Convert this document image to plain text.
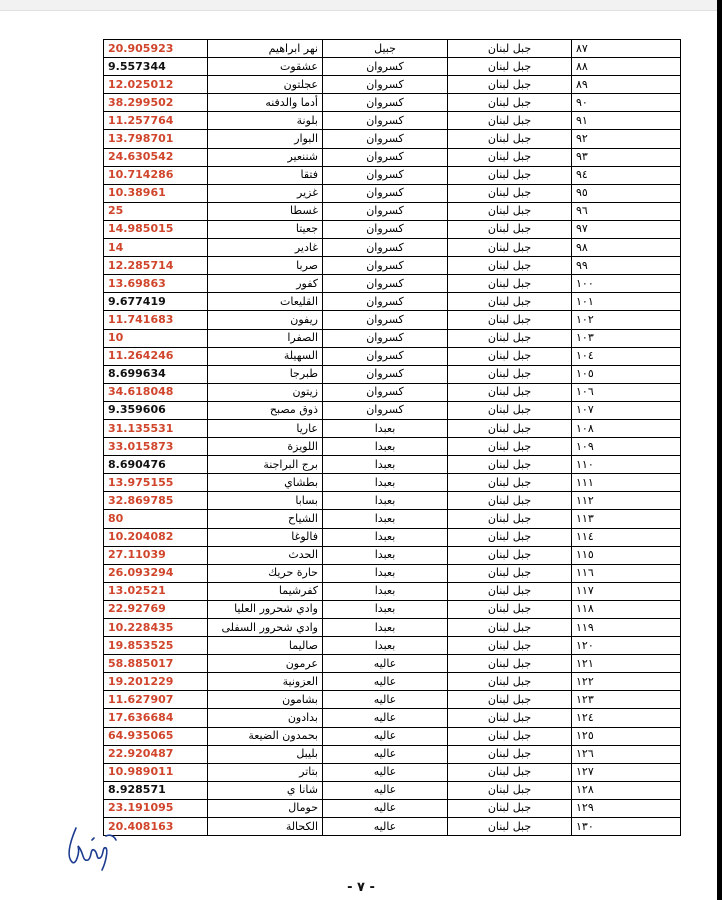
20.905923	نهر ابراهيم	جبيل	جبل لبنان	٨٧
9.557344	عشقوت	كسروان	جبل لبنان	٨٨
12.025012	عجلتون	كسروان	جبل لبنان	٨٩
38.299502	أدما والدفنه	كسروان	جبل لبنان	٩٠
11.257764	بلونة	كسروان	جبل لبنان	٩١
13.798701	البوار	كسروان	جبل لبنان	٩٢
24.630542	شننعير	كسروان	جبل لبنان	٩٣
10.714286	فتقا	كسروان	جبل لبنان	٩٤
10.38961	غزير	كسروان	جبل لبنان	٩٥
25	غسطا	كسروان	جبل لبنان	٩٦
14.985015	جعيتا	كسروان	جبل لبنان	٩٧
14	غادير	كسروان	جبل لبنان	٩٨
12.285714	صربا	كسروان	جبل لبنان	٩٩
13.69863	كفور	كسروان	جبل لبنان	١٠٠
9.677419	القليعات	كسروان	جبل لبنان	١٠١
11.741683	ريفون	كسروان	جبل لبنان	١٠٢
10	الصفرا	كسروان	جبل لبنان	١٠٣
11.264246	السهيلة	كسروان	جبل لبنان	١٠٤
8.699634	طبرجا	كسروان	جبل لبنان	١٠٥
34.618048	زيتون	كسروان	جبل لبنان	١٠٦
9.359606	ذوق مصبح	كسروان	جبل لبنان	١٠٧
31.135531	عاريا	بعبدا	جبل لبنان	١٠٨
33.015873	اللويزة	بعبدا	جبل لبنان	١٠٩
8.690476	برج البراجنة	بعبدا	جبل لبنان	١١٠
13.975155	بطشاي	بعبدا	جبل لبنان	١١١
32.869785	بسابا	بعبدا	جبل لبنان	١١٢
80	الشياح	بعبدا	جبل لبنان	١١٣
10.204082	فالوغا	بعبدا	جبل لبنان	١١٤
27.11039	الحدث	بعبدا	جبل لبنان	١١٥
26.093294	حارة حريك	بعبدا	جبل لبنان	١١٦
13.02521	كفرشيما	بعبدا	جبل لبنان	١١٧
22.92769	وادي شحرور العليا	بعبدا	جبل لبنان	١١٨
10.228435	وادي شحرور السفلى	بعبدا	جبل لبنان	١١٩
19.853525	صاليما	بعبدا	جبل لبنان	١٢٠
58.885017	عرمون	عاليه	جبل لبنان	١٢١
19.201229	العزونية	عاليه	جبل لبنان	١٢٢
11.627907	بشامون	عاليه	جبل لبنان	١٢٣
17.636684	بدادون	عاليه	جبل لبنان	١٢٤
64.935065	بحمدون الضيعة	عاليه	جبل لبنان	١٢٥
22.920487	بليبل	عاليه	جبل لبنان	١٢٦
10.989011	بتاتر	عاليه	جبل لبنان	١٢٧
8.928571	شانا ي	عاليه	جبل لبنان	١٢٨
23.191095	حومال	عاليه	جبل لبنان	١٢٩
20.408163	الكحالة	عاليه	جبل لبنان	١٣٠
- ٧ -
